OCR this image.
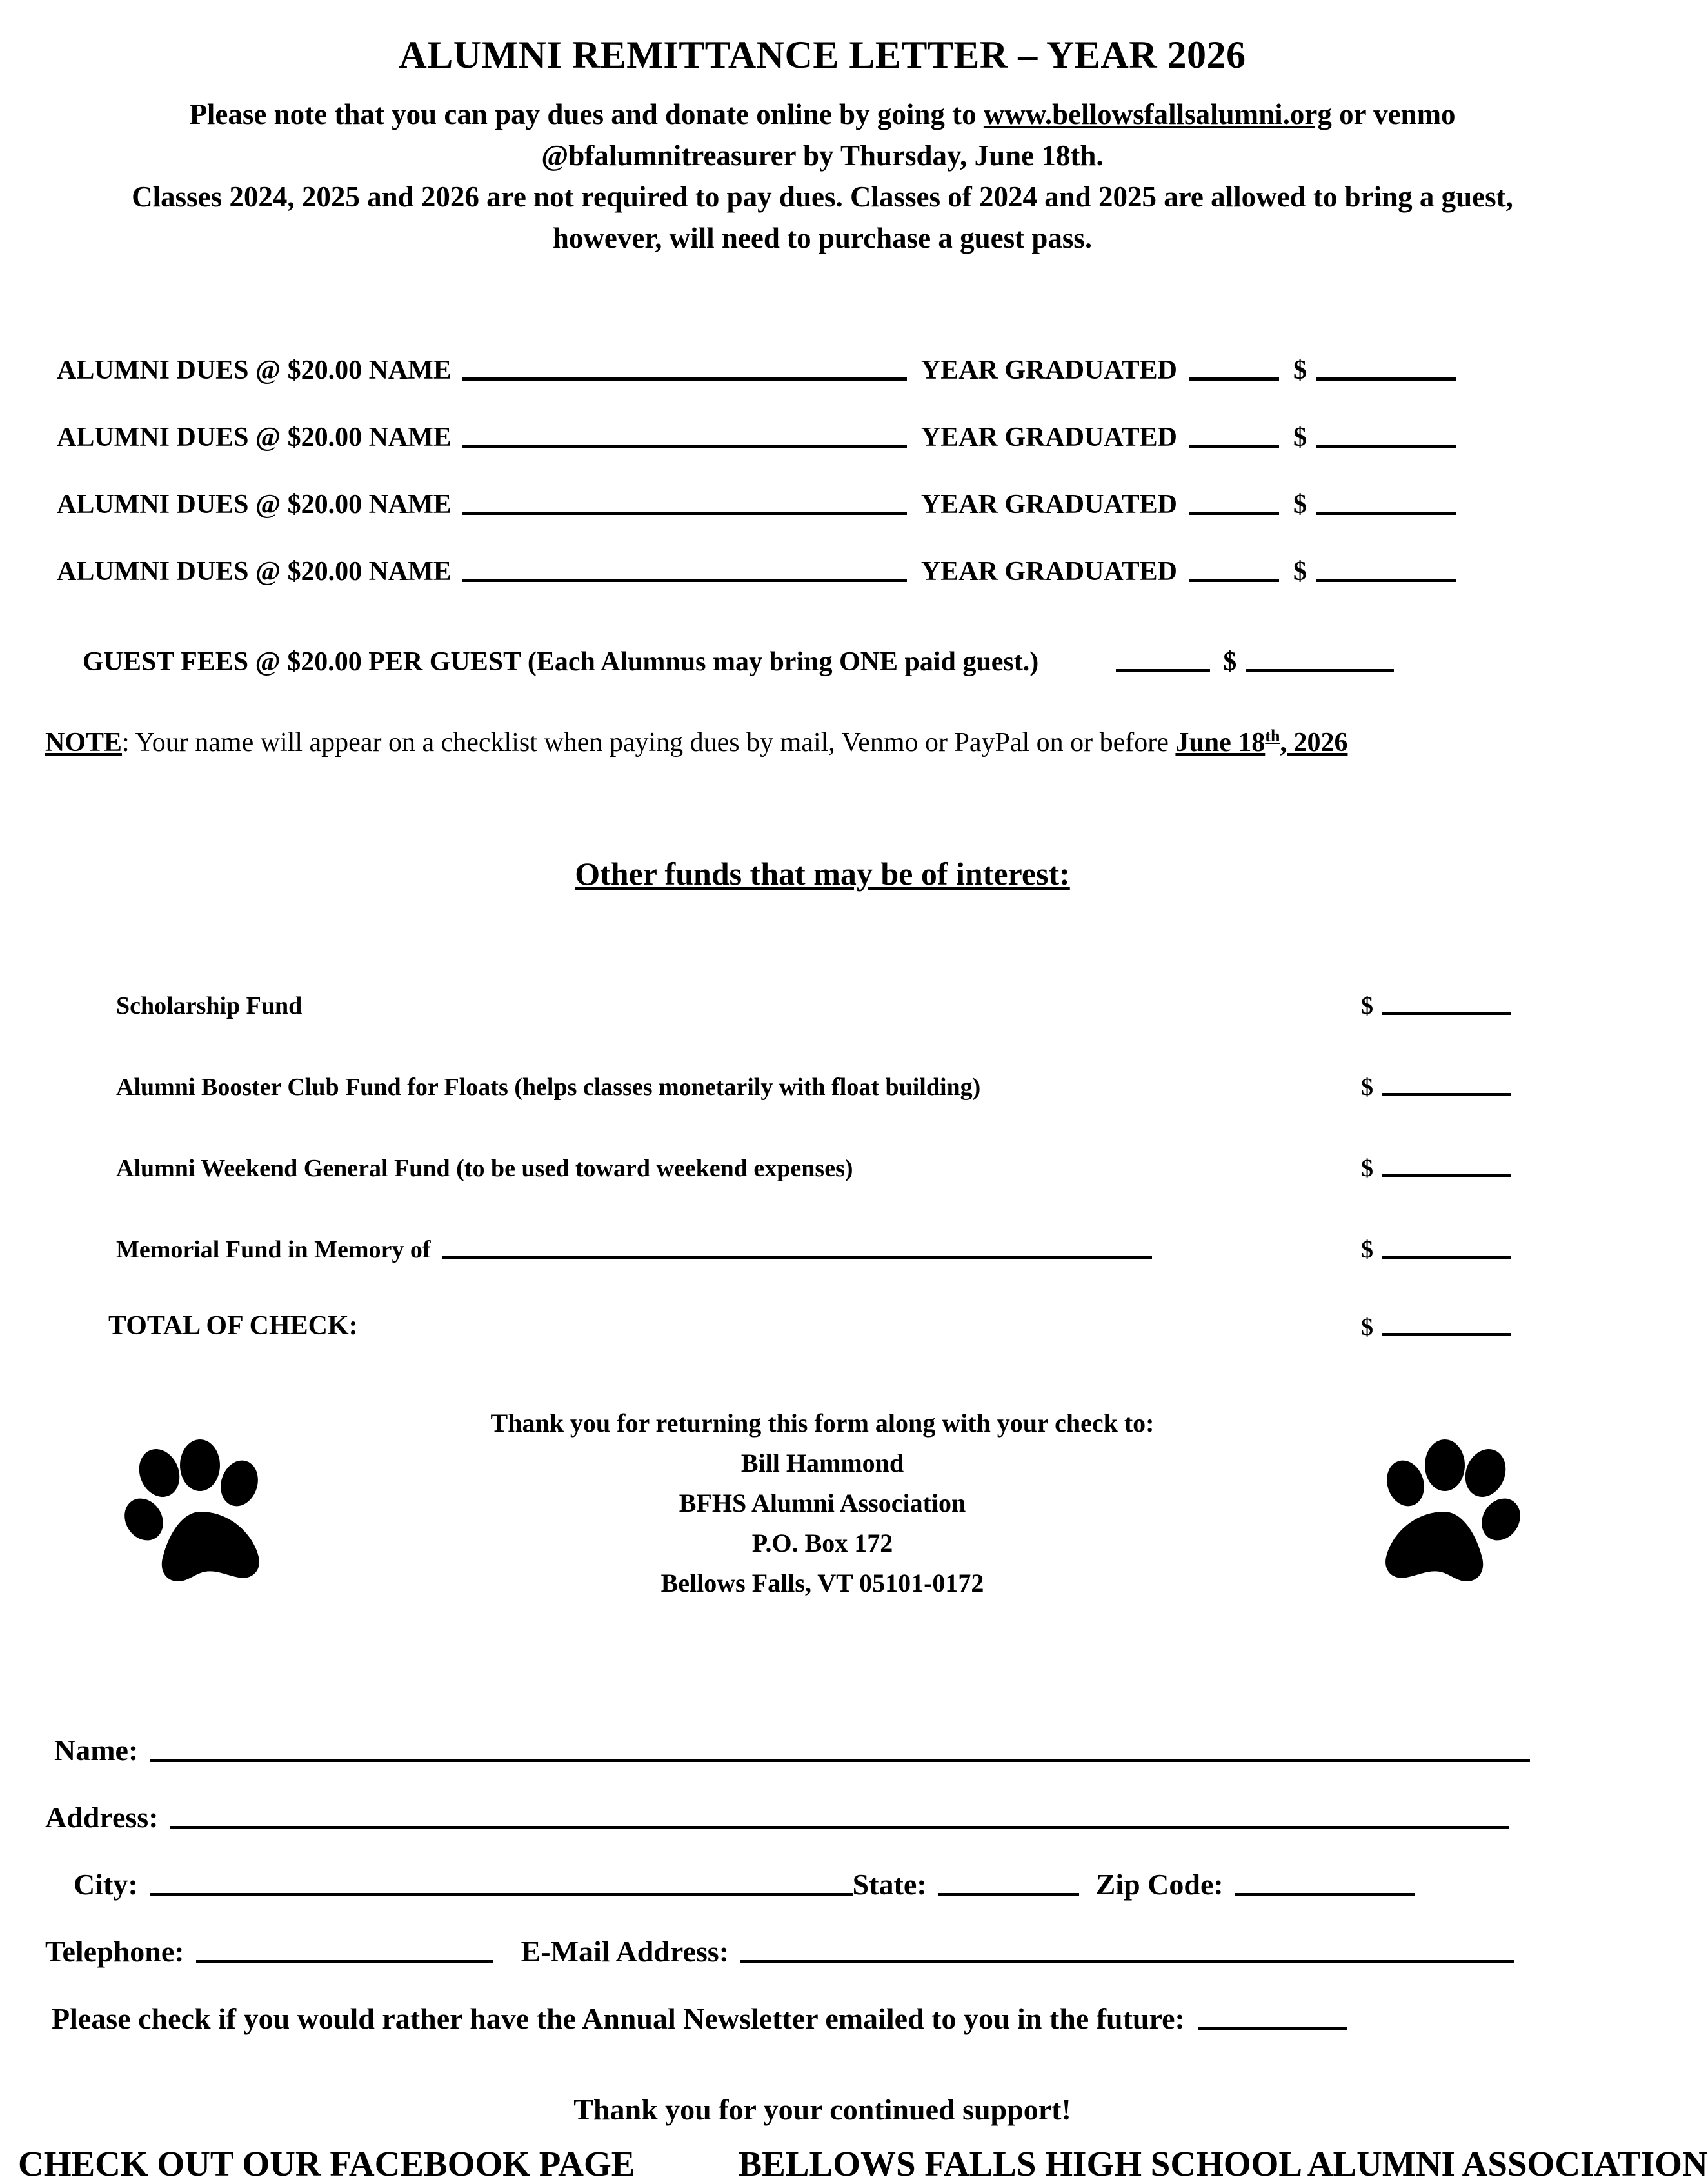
ALUMNI REMITTANCE LETTER – YEAR 2026
Please note that you can pay dues and donate online by going to www.bellowsfallsalumni.org or venmo
@bfalumnitreasurer by Thursday, June 18th.
Classes 2024, 2025 and 2026 are not required to pay dues. Classes of 2024 and 2025 are allowed to bring a guest, however, will need to purchase a guest pass.
ALUMNI DUES @ $20.00 NAME	YEAR GRADUATED	$
ALUMNI DUES @ $20.00 NAME	YEAR GRADUATED	$
ALUMNI DUES @ $20.00 NAME	YEAR GRADUATED	$
ALUMNI DUES @ $20.00 NAME	YEAR GRADUATED	$
GUEST FEES @ $20.00 PER GUEST (Each Alumnus may bring ONE paid guest.)	$
NOTE: Your name will appear on a checklist when paying dues by mail, Venmo or PayPal on or before June 18th, 2026
Other funds that may be of interest:
Scholarship Fund	$
Alumni Booster Club Fund for Floats (helps classes monetarily with float building)	$
Alumni Weekend General Fund (to be used toward weekend expenses)	$
Memorial Fund in Memory of	$
TOTAL OF CHECK:	$
Thank you for returning this form along with your check to:
Bill Hammond
BFHS Alumni Association
P.O. Box 172
Bellows Falls, VT 05101-0172
Name:
Address:
City:	State:	Zip Code:
Telephone:	E-Mail Address:
Please check if you would rather have the Annual Newsletter emailed to you in the future:
Thank you for your continued support!
CHECK OUT OUR FACEBOOK PAGE	BELLOWS FALLS HIGH SCHOOL ALUMNI ASSOCIATION
